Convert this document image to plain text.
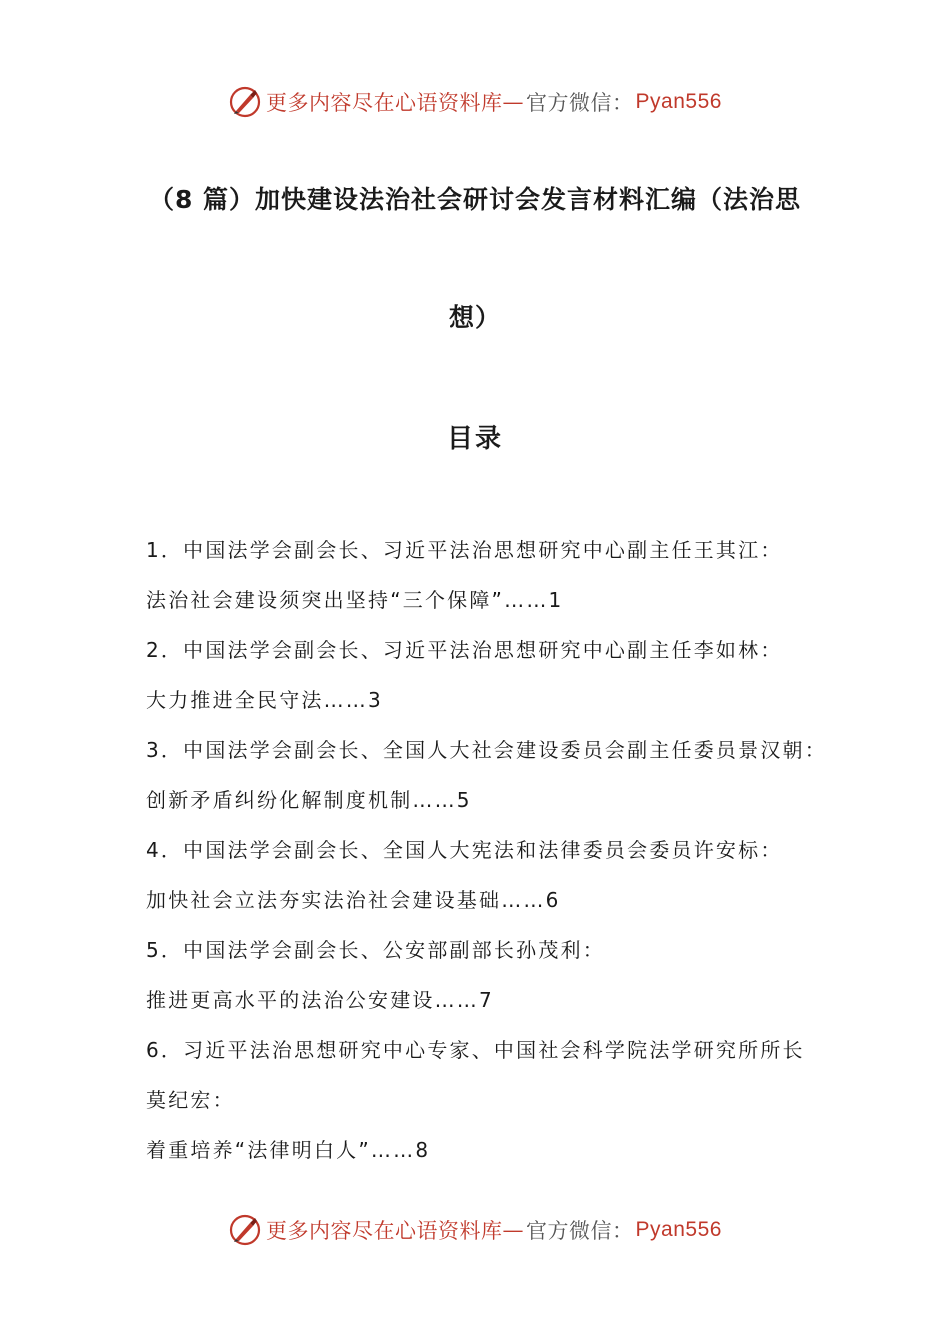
更多内容尽在心语资料库 — 官方微信： Pyan556
（8 篇）加快建设法治社会研讨会发言材料汇编（法治思
想）
目录
1．中国法学会副会长、习近平法治思想研究中心副主任王其江：
法治社会建设须突出坚持“三个保障”……1
2．中国法学会副会长、习近平法治思想研究中心副主任李如林：
大力推进全民守法……3
3．中国法学会副会长、全国人大社会建设委员会副主任委员景汉朝：
创新矛盾纠纷化解制度机制……5
4．中国法学会副会长、全国人大宪法和法律委员会委员许安标：
加快社会立法夯实法治社会建设基础……6
5．中国法学会副会长、公安部副部长孙茂利：
推进更高水平的法治公安建设……7
6．习近平法治思想研究中心专家、中国社会科学院法学研究所所长
莫纪宏：
着重培养“法律明白人”……8
更多内容尽在心语资料库 — 官方微信： Pyan556
